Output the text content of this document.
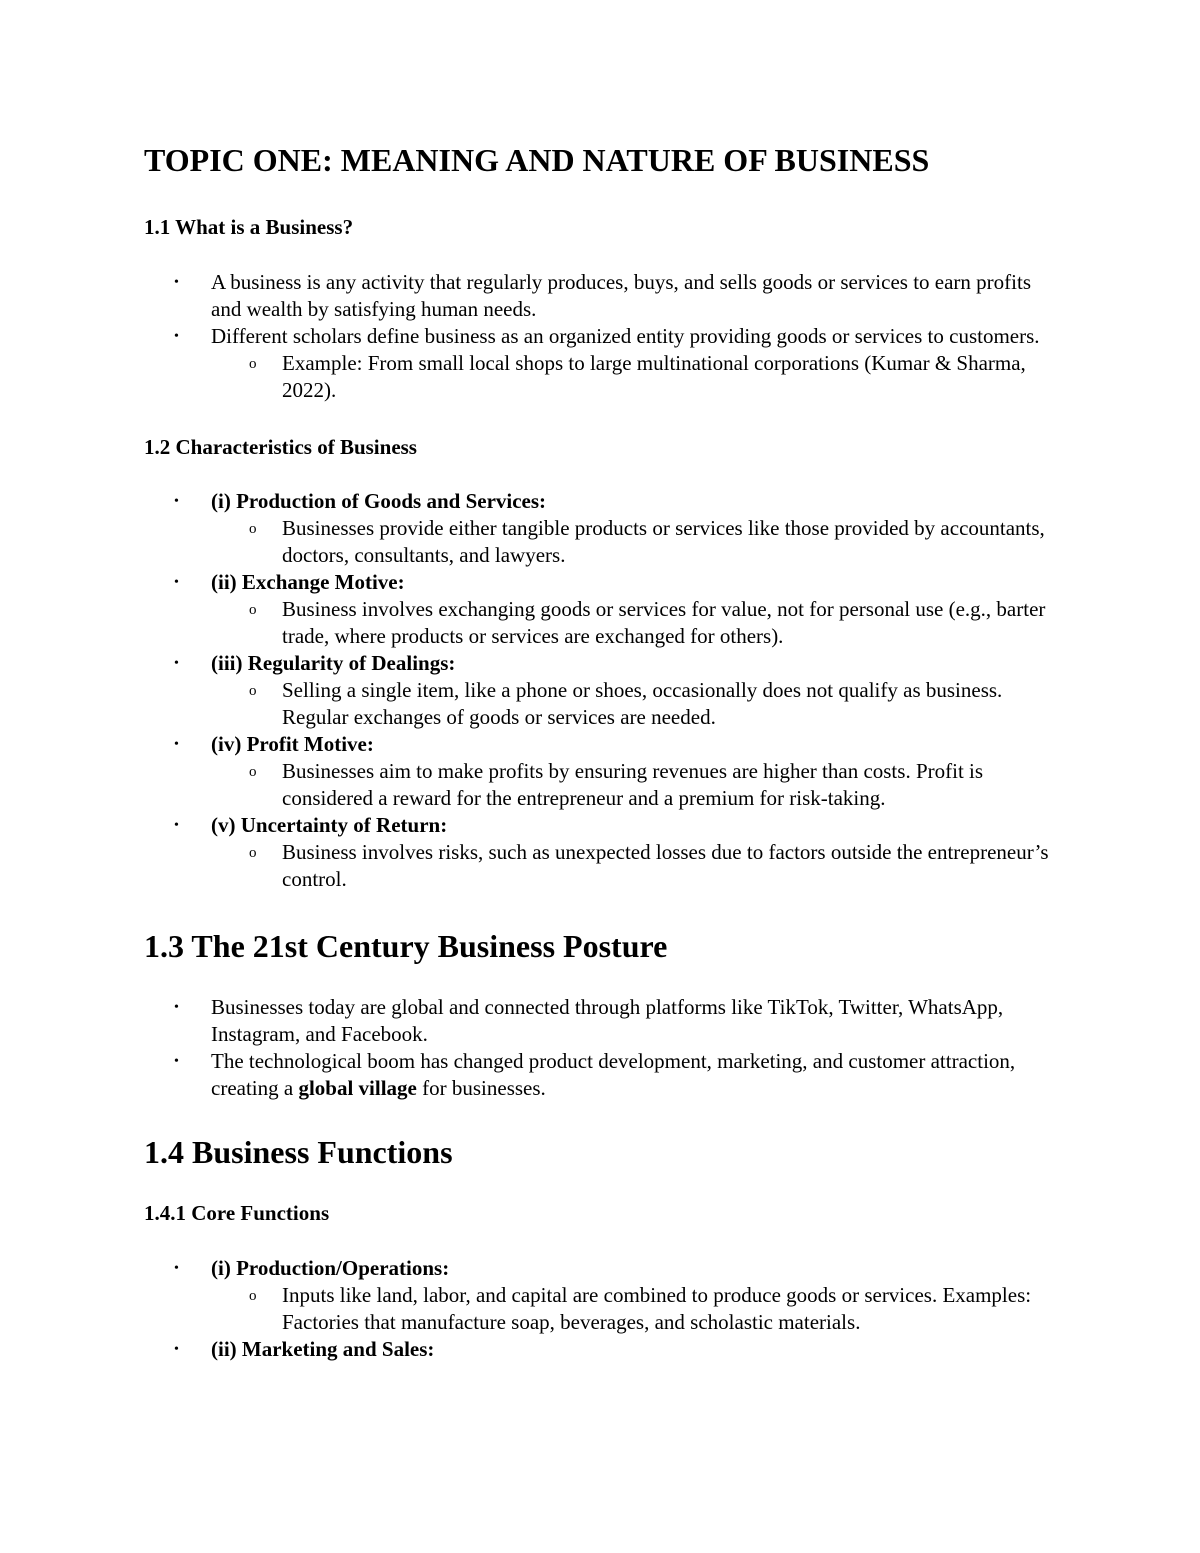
TOPIC ONE: MEANING AND NATURE OF BUSINESS
1.1 What is a Business?
• A business is any activity that regularly produces, buys, and sells goods or services to earn profits and wealth by satisfying human needs.
• Different scholars define business as an organized entity providing goods or services to customers.
o Example: From small local shops to large multinational corporations (Kumar & Sharma, 2022).
1.2 Characteristics of Business
• (i) Production of Goods and Services:
o Businesses provide either tangible products or services like those provided by accountants, doctors, consultants, and lawyers.
• (ii) Exchange Motive:
o Business involves exchanging goods or services for value, not for personal use (e.g., barter trade, where products or services are exchanged for others).
• (iii) Regularity of Dealings:
o Selling a single item, like a phone or shoes, occasionally does not qualify as business. Regular exchanges of goods or services are needed.
• (iv) Profit Motive:
o Businesses aim to make profits by ensuring revenues are higher than costs. Profit is considered a reward for the entrepreneur and a premium for risk-taking.
• (v) Uncertainty of Return:
o Business involves risks, such as unexpected losses due to factors outside the entrepreneur’s control.
1.3 The 21st Century Business Posture
• Businesses today are global and connected through platforms like TikTok, Twitter, WhatsApp, Instagram, and Facebook.
• The technological boom has changed product development, marketing, and customer attraction, creating a global village for businesses.
1.4 Business Functions
1.4.1 Core Functions
• (i) Production/Operations:
o Inputs like land, labor, and capital are combined to produce goods or services. Examples: Factories that manufacture soap, beverages, and scholastic materials.
• (ii) Marketing and Sales:
